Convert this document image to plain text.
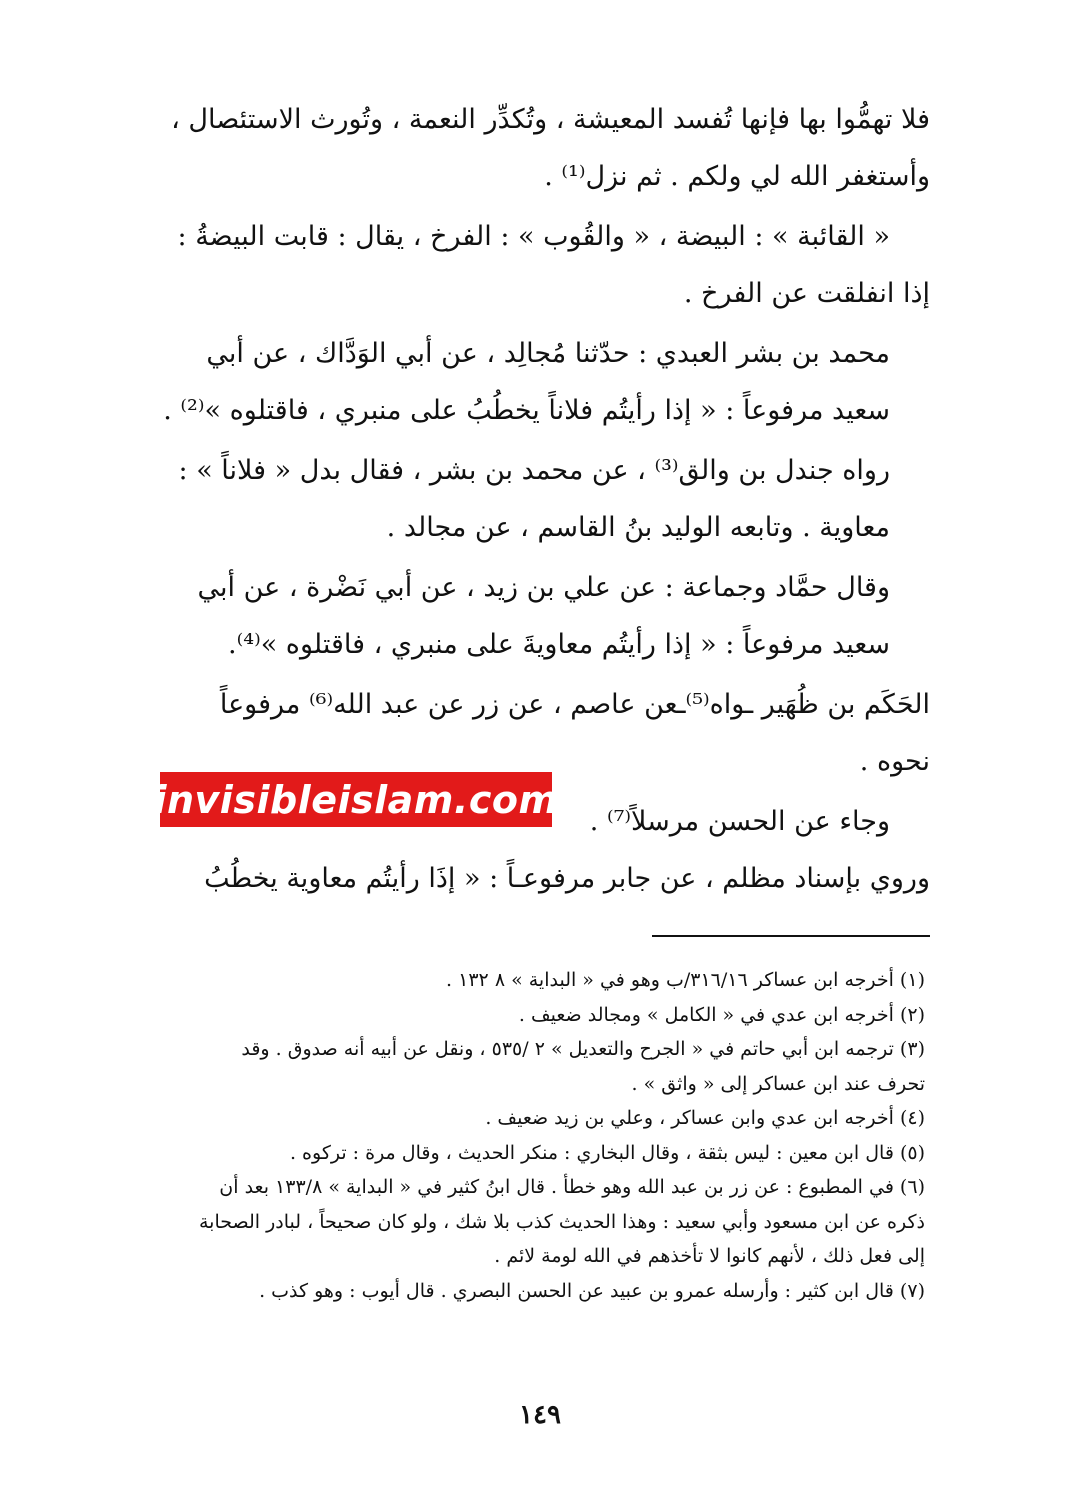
فلا تهمُّوا بها فإنها تُفسد المعيشة ، وتُكدِّر النعمة ، وتُورث الاستئصال ،
وأستغفر الله لي ولكم . ثم نزل⁽¹⁾ .

« القائبة » : البيضة ، « والقُوب » : الفرخ ، يقال : قابت البيضةُ :
إذا انفلقت عن الفرخ .

محمد بن بشر العبدي : حدّثنا مُجالِد ، عن أبي الوَدَّاك ، عن أبي
سعيد مرفوعاً : « إذا رأيتُم فلاناً يخطُبُ على منبري ، فاقتلوه »⁽²⁾ .

رواه جندل بن والق⁽³⁾ ، عن محمد بن بشر ، فقال بدل « فلاناً » :
معاوية . وتابعه الوليد بنُ القاسم ، عن مجالد .

وقال حمَّاد وجماعة : عن علي بن زيد ، عن أبي نَضْرة ، عن أبي
سعيد مرفوعاً : « إذا رأيتُم معاويةَ على منبري ، فاقتلوه »⁽⁴⁾.

الحَكَم بن ظُهَير ـواه⁽⁵⁾ـعن عاصم ، عن زر عن عبد الله⁽⁶⁾ مرفوعاً
نحوه .

وجاء عن الحسن مرسلاً⁽⁷⁾ .

وروي بإسناد مظلم ، عن جابر مرفوعـاً : « إذَا رأيتُم معاوية يخطُبُ

invisibleislam.com

(١) أخرجه ابن عساكر ٣١٦/١٦/ب وهو في « البداية » ٨ ١٣٢ .

(٢) أخرجه ابن عدي في « الكامل » ومجالد ضعيف .

(٣) ترجمه ابن أبي حاتم في « الجرح والتعديل » ٢ /٥٣٥ ، ونقل عن أبيه أنه صدوق . وقد

تحرف عند ابن عساكر إلى « واثق » .

(٤) أخرجه ابن عدي وابن عساكر ، وعلي بن زيد ضعيف .

(٥) قال ابن معين : ليس بثقة ، وقال البخاري : منكر الحديث ، وقال مرة : تركوه .

(٦) في المطبوع : عن زر بن عبد الله وهو خطأ . قال ابنُ كثير في « البداية » ١٣٣/٨ بعد أن

ذكره عن ابن مسعود وأبي سعيد : وهذا الحديث كذب بلا شك ، ولو كان صحيحاً ، لبادر الصحابة

إلى فعل ذلك ، لأنهم كانوا لا تأخذهم في الله لومة لائم .

(٧) قال ابن كثير : وأرسله عمرو بن عبيد عن الحسن البصري . قال أيوب : وهو كذب .

١٤٩
